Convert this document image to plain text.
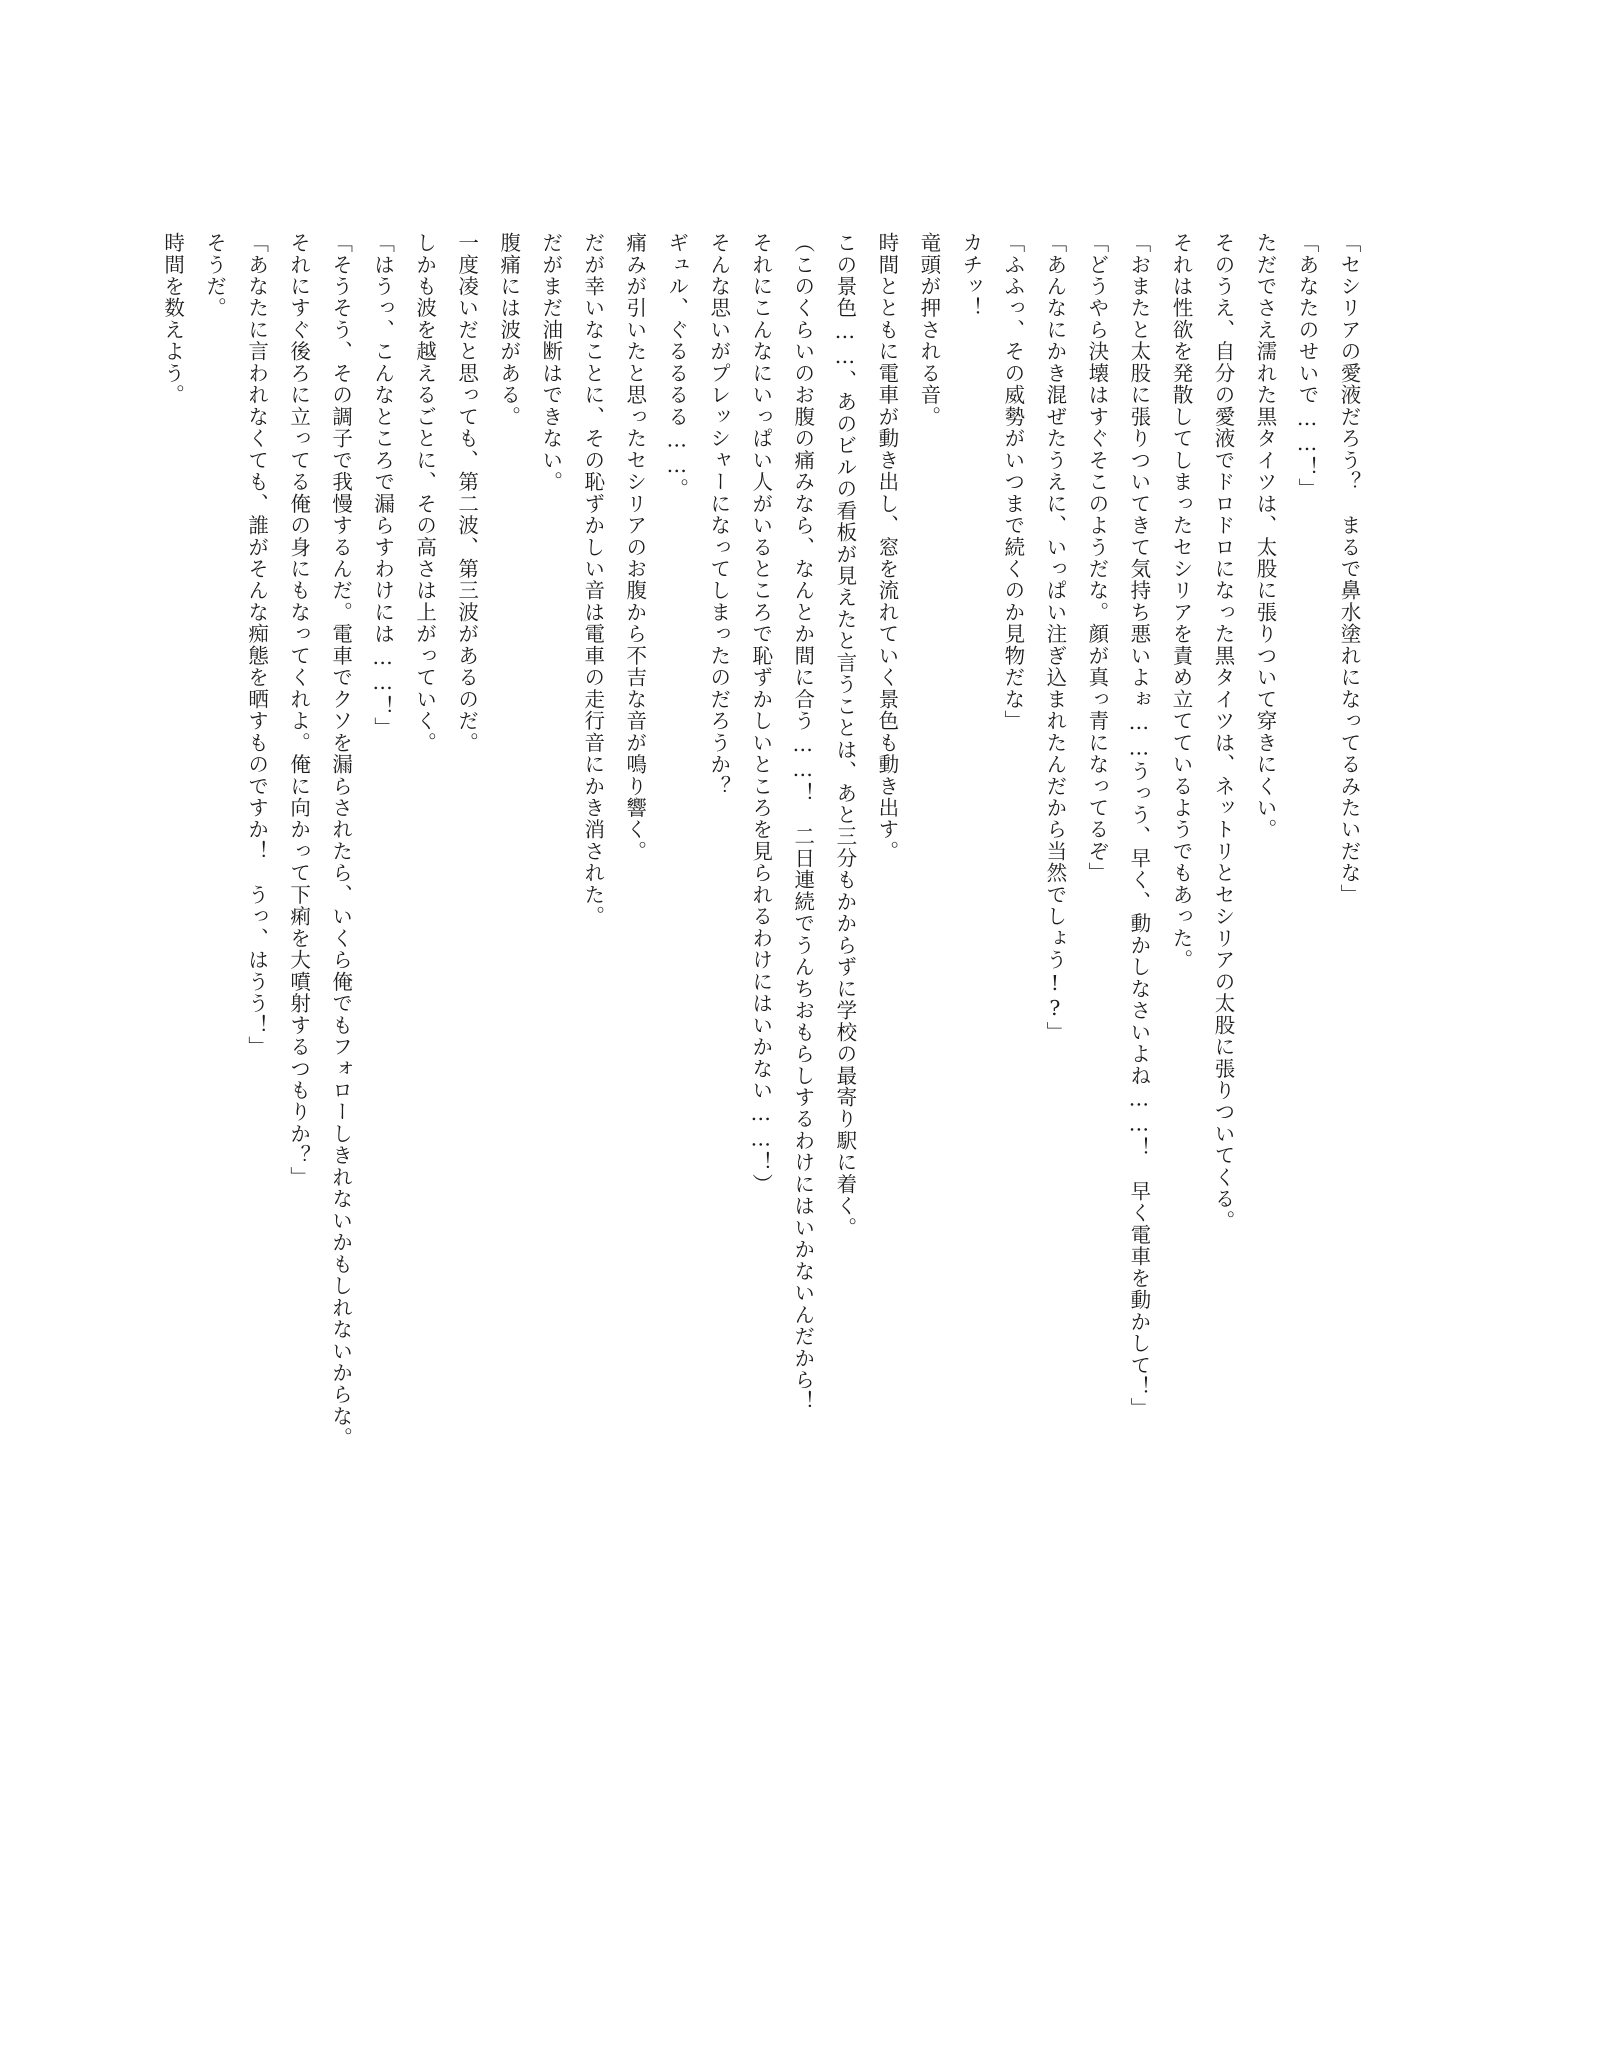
「セシリアの愛液だろう？　まるで鼻水塗れになってるみたいだな」

「あなたのせいで……！」

ただでさえ濡れた黒タイツは、太股に張りついて穿きにくい。

そのうえ、自分の愛液でドロドロになった黒タイツは、ネットリとセシリアの太股に張りついてくる。

それは性欲を発散してしまったセシリアを責め立てているようでもあった。

「おまたと太股に張りついてきて気持ち悪いよぉ……うっう、早く、動かしなさいよね……！　早く電車を動かして！」

「どうやら決壊はすぐそこのようだな。顔が真っ青になってるぞ」

「あんなにかき混ぜたうえに、いっぱい注ぎ込まれたんだから当然でしょう!?」

「ふふっ、その威勢がいつまで続くのか見物だな」

カチッ！

竜頭が押される音。

時間とともに電車が動き出し、窓を流れていく景色も動き出す。

この景色……、あのビルの看板が見えたと言うことは、あと三分もかからずに学校の最寄り駅に着く。

（このくらいのお腹の痛みなら、なんとか間に合う……！　二日連続でうんちおもらしするわけにはいかないんだから！

それにこんなにいっぱい人がいるところで恥ずかしいところを見られるわけにはいかない……！）

そんな思いがプレッシャーになってしまったのだろうか？

ギュル、ぐるるるる……。

痛みが引いたと思ったセシリアのお腹から不吉な音が鳴り響く。

だが幸いなことに、その恥ずかしい音は電車の走行音にかき消された。

だがまだ油断はできない。

腹痛には波がある。

一度凌いだと思っても、第二波、第三波があるのだ。

しかも波を越えるごとに、その高さは上がっていく。

「はうっ、こんなところで漏らすわけには……！」

「そうそう、その調子で我慢するんだ。電車でクソを漏らされたら、いくら俺でもフォローしきれないかもしれないからな。

それにすぐ後ろに立ってる俺の身にもなってくれよ。俺に向かって下痢を大噴射するつもりか？」

「あなたに言われなくても、誰がそんな痴態を晒すものですか！　うっ、はうう！」

そうだ。

時間を数えよう。
